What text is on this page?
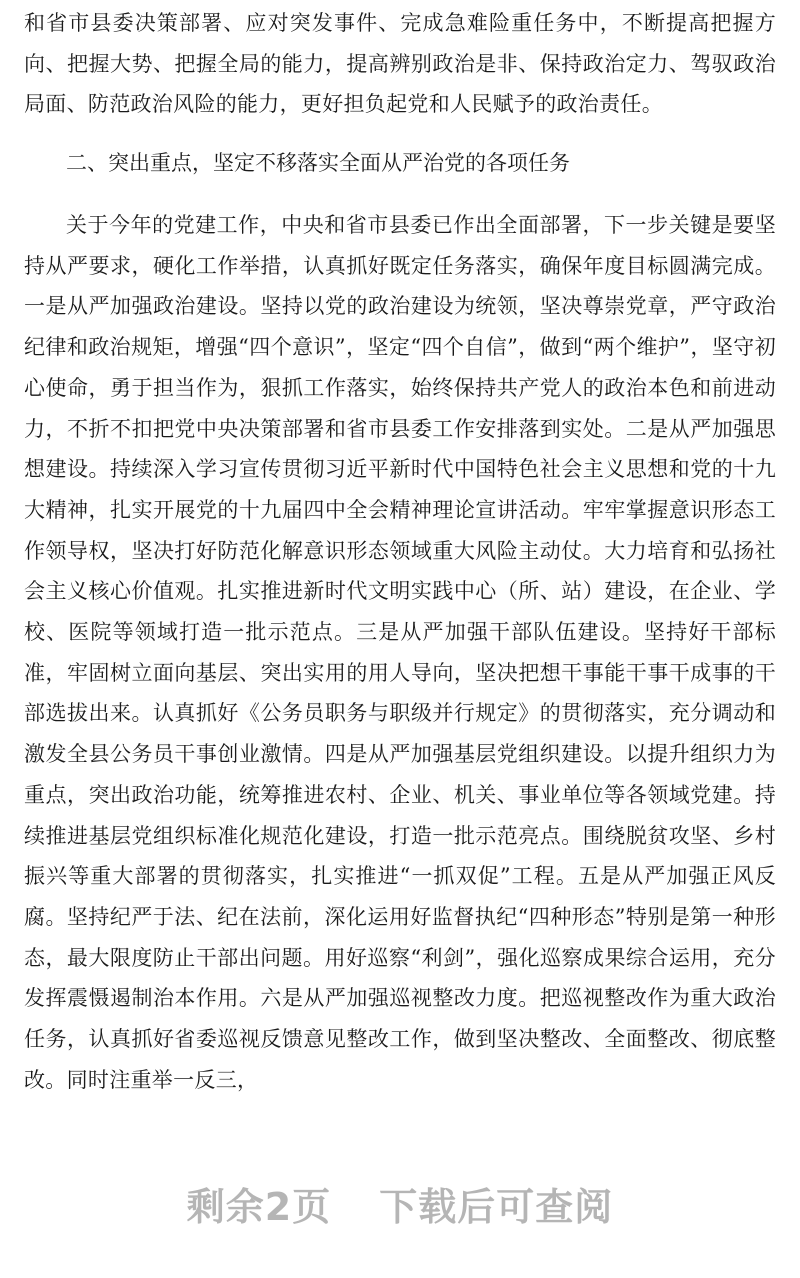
和省市县委决策部署、应对突发事件、完成急难险重任务中，不断提高把握方向、把握大势、把握全局的能力，提高辨别政治是非、保持政治定力、驾驭政治局面、防范政治风险的能力，更好担负起党和人民赋予的政治责任。

二、突出重点，坚定不移落实全面从严治党的各项任务

关于今年的党建工作，中央和省市县委已作出全面部署，下一步关键是要坚持从严要求，硬化工作举措，认真抓好既定任务落实，确保年度目标圆满完成。一是从严加强政治建设。坚持以党的政治建设为统领，坚决尊崇党章，严守政治纪律和政治规矩，增强“四个意识”，坚定“四个自信”，做到“两个维护”，坚守初心使命，勇于担当作为，狠抓工作落实，始终保持共产党人的政治本色和前进动力，不折不扣把党中央决策部署和省市县委工作安排落到实处。二是从严加强思想建设。持续深入学习宣传贯彻习近平新时代中国特色社会主义思想和党的十九大精神，扎实开展党的十九届四中全会精神理论宣讲活动。牢牢掌握意识形态工作领导权，坚决打好防范化解意识形态领域重大风险主动仗。大力培育和弘扬社会主义核心价值观。扎实推进新时代文明实践中心（所、站）建设，在企业、学校、医院等领域打造一批示范点。三是从严加强干部队伍建设。坚持好干部标准，牢固树立面向基层、突出实用的用人导向，坚决把想干事能干事干成事的干部选拔出来。认真抓好《公务员职务与职级并行规定》的贯彻落实，充分调动和激发全县公务员干事创业激情。四是从严加强基层党组织建设。以提升组织力为重点，突出政治功能，统筹推进农村、企业、机关、事业单位等各领域党建。持续推进基层党组织标准化规范化建设，打造一批示范亮点。围绕脱贫攻坚、乡村振兴等重大部署的贯彻落实，扎实推进“一抓双促”工程。五是从严加强正风反腐。坚持纪严于法、纪在法前，深化运用好监督执纪“四种形态”特别是第一种形态，最大限度防止干部出问题。用好巡察“利剑”，强化巡察成果综合运用，充分发挥震慑遏制治本作用。六是从严加强巡视整改力度。把巡视整改作为重大政治任务，认真抓好省委巡视反馈意见整改工作，做到坚决整改、全面整改、彻底整改。同时注重举一反三，

剩余2页 下载后可查阅
